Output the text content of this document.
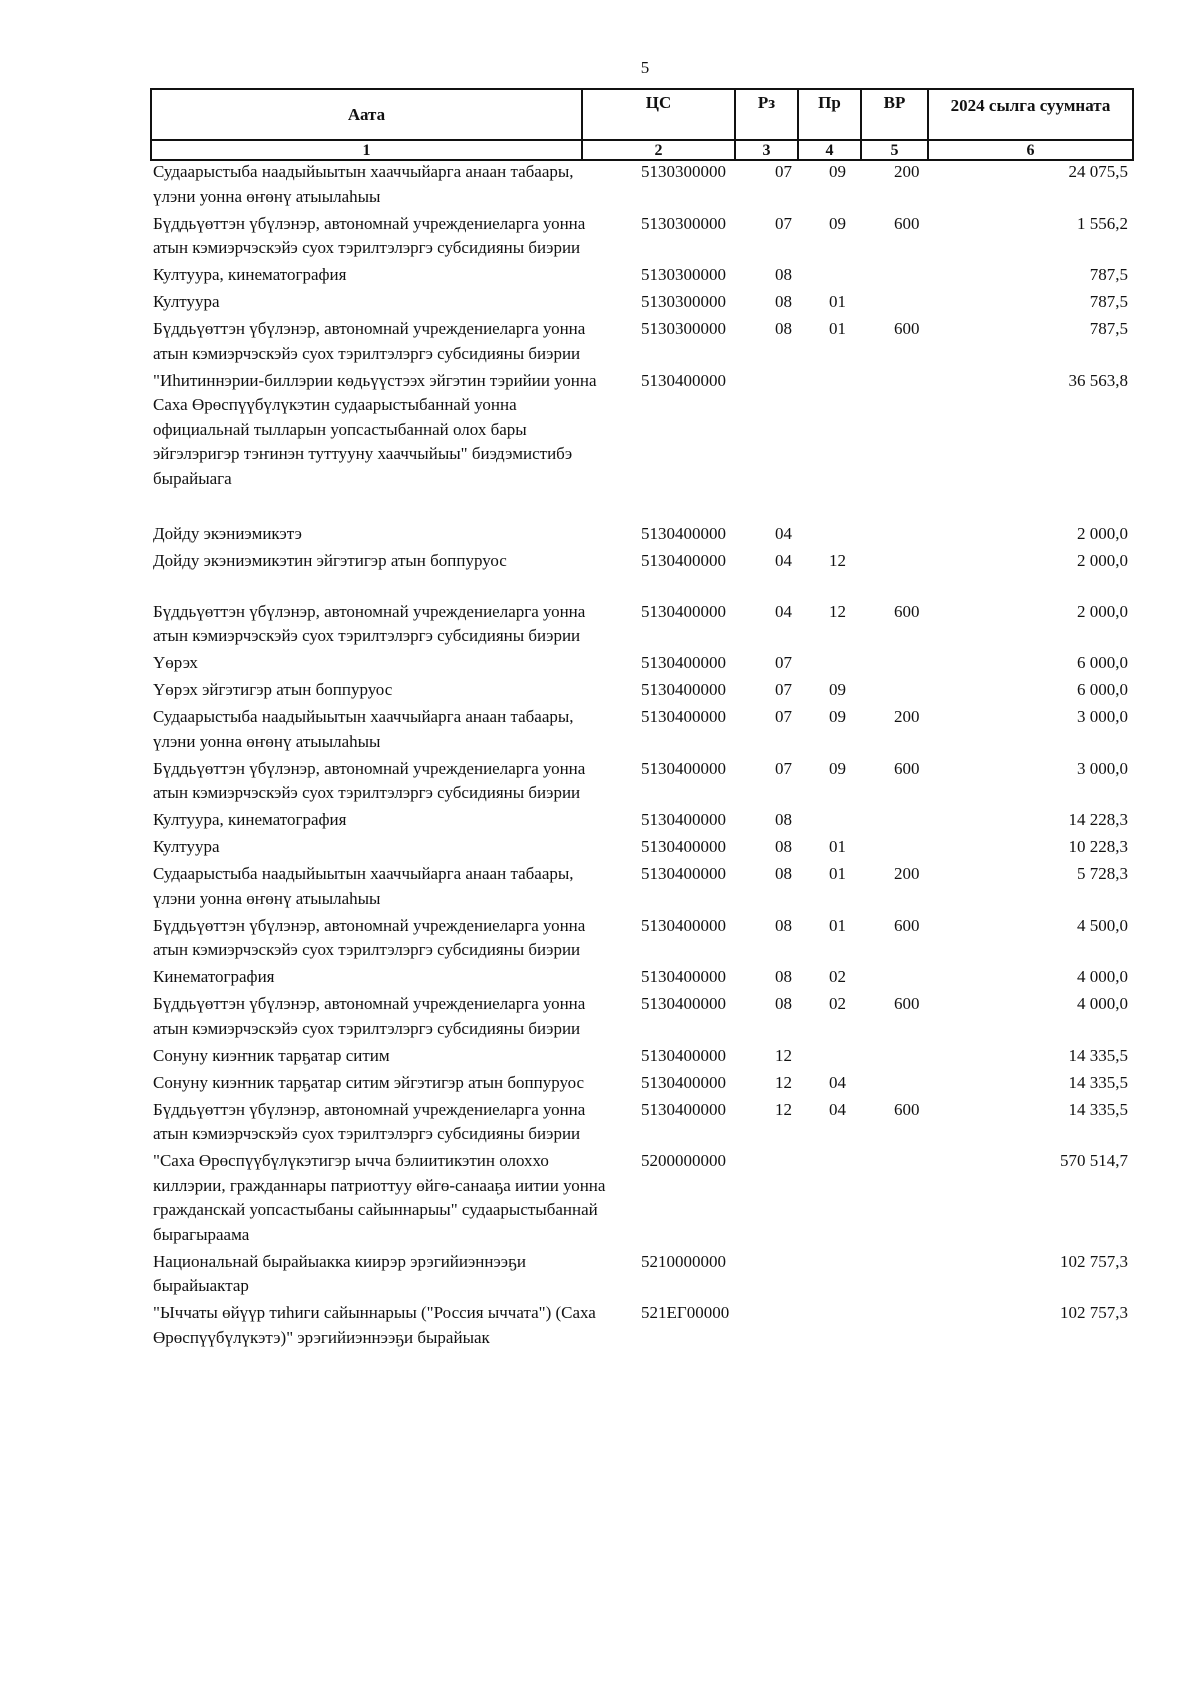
5
Аата	ЦС	Рз	Пр	ВР	2024 сылга суумната

1	2	3	4	5	6
Судаарыстыба наадыйыытын хааччыйарга анаан табаары, үлэни уонна өҥөнү атыылаһыы	5130300000	07	09	200	24 075,5
Бүддьүөттэн үбүлэнэр, автономнай учреждениеларга уонна атын кэмиэрчэскэйэ суох тэрилтэлэргэ субсидияны биэрии	5130300000	07	09	600	1 556,2
Култуура, кинематография	5130300000	08			787,5
Култуура	5130300000	08	01		787,5
Бүддьүөттэн үбүлэнэр, автономнай учреждениеларга уонна атын кэмиэрчэскэйэ суох тэрилтэлэргэ субсидияны биэрии	5130300000	08	01	600	787,5
"Иһитиннэрии-биллэрии көдьүүстээх эйгэтин тэрийии уонна Саха Өрөспүүбүлүкэтин судаарыстыбаннай уонна официальнай тылларын уопсастыбаннай олох бары эйгэлэригэр тэҥинэн туттууну хааччыйыы" биэдэмистибэ бырайыага	5130400000				36 563,8
Дойду экэниэмикэтэ	5130400000	04			2 000,0
Дойду экэниэмикэтин эйгэтигэр атын боппуруос	5130400000	04	12		2 000,0
Бүддьүөттэн үбүлэнэр, автономнай учреждениеларга уонна атын кэмиэрчэскэйэ суох тэрилтэлэргэ субсидияны биэрии	5130400000	04	12	600	2 000,0
Үөрэх	5130400000	07			6 000,0
Үөрэх эйгэтигэр атын боппуруос	5130400000	07	09		6 000,0
Судаарыстыба наадыйыытын хааччыйарга анаан табаары, үлэни уонна өҥөнү атыылаһыы	5130400000	07	09	200	3 000,0
Бүддьүөттэн үбүлэнэр, автономнай учреждениеларга уонна атын кэмиэрчэскэйэ суох тэрилтэлэргэ субсидияны биэрии	5130400000	07	09	600	3 000,0
Култуура, кинематография	5130400000	08			14 228,3
Култуура	5130400000	08	01		10 228,3
Судаарыстыба наадыйыытын хааччыйарга анаан табаары, үлэни уонна өҥөнү атыылаһыы	5130400000	08	01	200	5 728,3
Бүддьүөттэн үбүлэнэр, автономнай учреждениеларга уонна атын кэмиэрчэскэйэ суох тэрилтэлэргэ субсидияны биэрии	5130400000	08	01	600	4 500,0
Кинематография	5130400000	08	02		4 000,0
Бүддьүөттэн үбүлэнэр, автономнай учреждениеларга уонна атын кэмиэрчэскэйэ суох тэрилтэлэргэ субсидияны биэрии	5130400000	08	02	600	4 000,0
Сонуну киэҥник тарҕатар ситим	5130400000	12			14 335,5
Сонуну киэҥник тарҕатар ситим эйгэтигэр атын боппуруос	5130400000	12	04		14 335,5
Бүддьүөттэн үбүлэнэр, автономнай учреждениеларга уонна атын кэмиэрчэскэйэ суох тэрилтэлэргэ субсидияны биэрии	5130400000	12	04	600	14 335,5
"Саха Өрөспүүбүлүкэтигэр ычча бэлиитикэтин олоххо киллэрии, гражданнары патриоттуу өйгө-санааҕа иитии уонна гражданскай уопсастыбаны сайыннарыы" судаарыстыбаннай бырагыраама	5200000000				570 514,7
Национальнай бырайыакка киирэр эрэгийиэннээҕи бырайыактар	5210000000				102 757,3
"Ыччаты өйүүр тиһиги сайыннарыы ("Россия ыччата") (Саха Өрөспүүбүлүкэтэ)" эрэгийиэннээҕи бырайыак	521ЕГ00000				102 757,3
